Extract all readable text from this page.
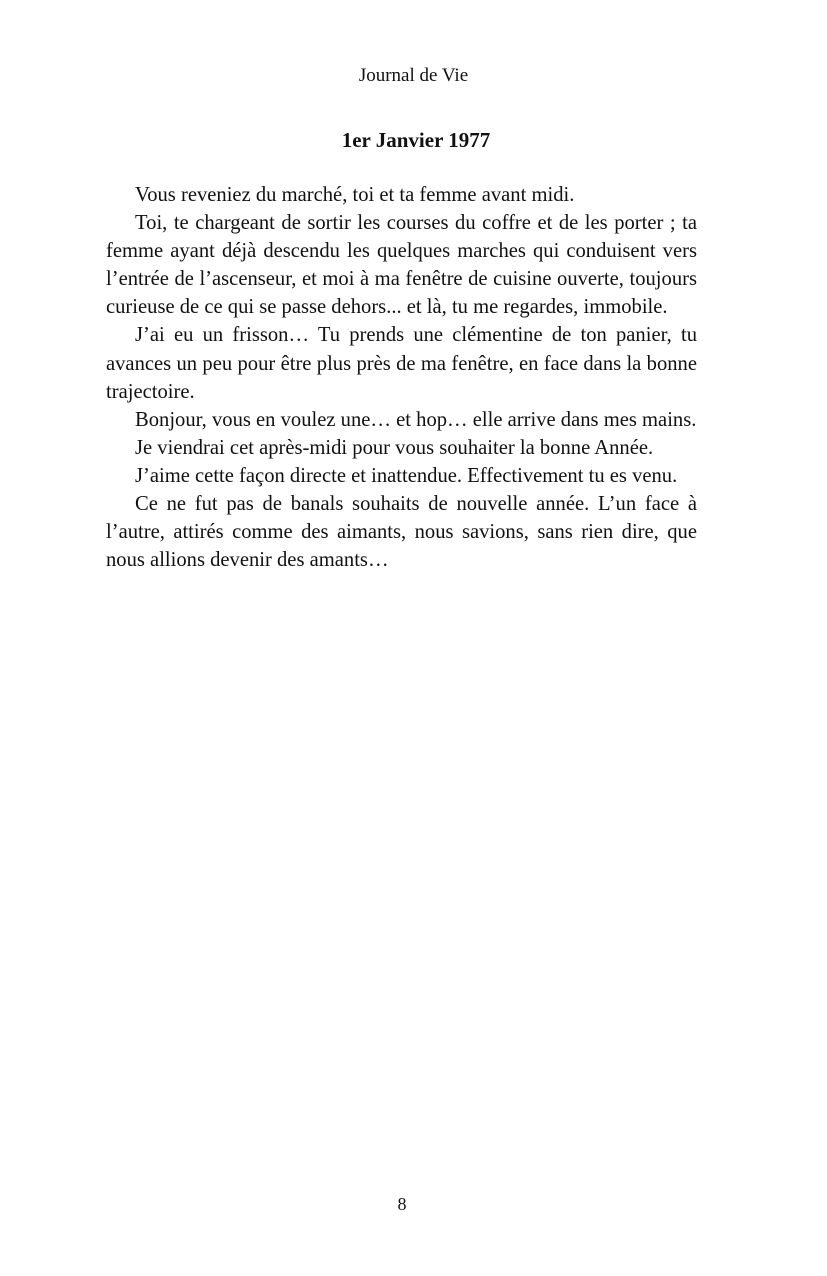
Journal de Vie
1er Janvier 1977

Vous reveniez du marché, toi et ta femme avant midi.

Toi, te chargeant de sortir les courses du coffre et de les porter ; ta femme ayant déjà descendu les quelques marches qui conduisent vers l’entrée de l’ascenseur, et moi à ma fenêtre de cuisine ouverte, toujours curieuse de ce qui se passe dehors... et là, tu me regardes, immobile.

J’ai eu un frisson… Tu prends une clémentine de ton panier, tu avances un peu pour être plus près de ma fenêtre, en face dans la bonne trajectoire.

Bonjour, vous en voulez une… et hop… elle arrive dans mes mains.

Je viendrai cet après-midi pour vous souhaiter la bonne Année.

J’aime cette façon directe et inattendue. Effectivement tu es venu.

Ce ne fut pas de banals souhaits de nouvelle année. L’un face à l’autre, attirés comme des aimants, nous savions, sans rien dire, que nous allions devenir des amants…

8
